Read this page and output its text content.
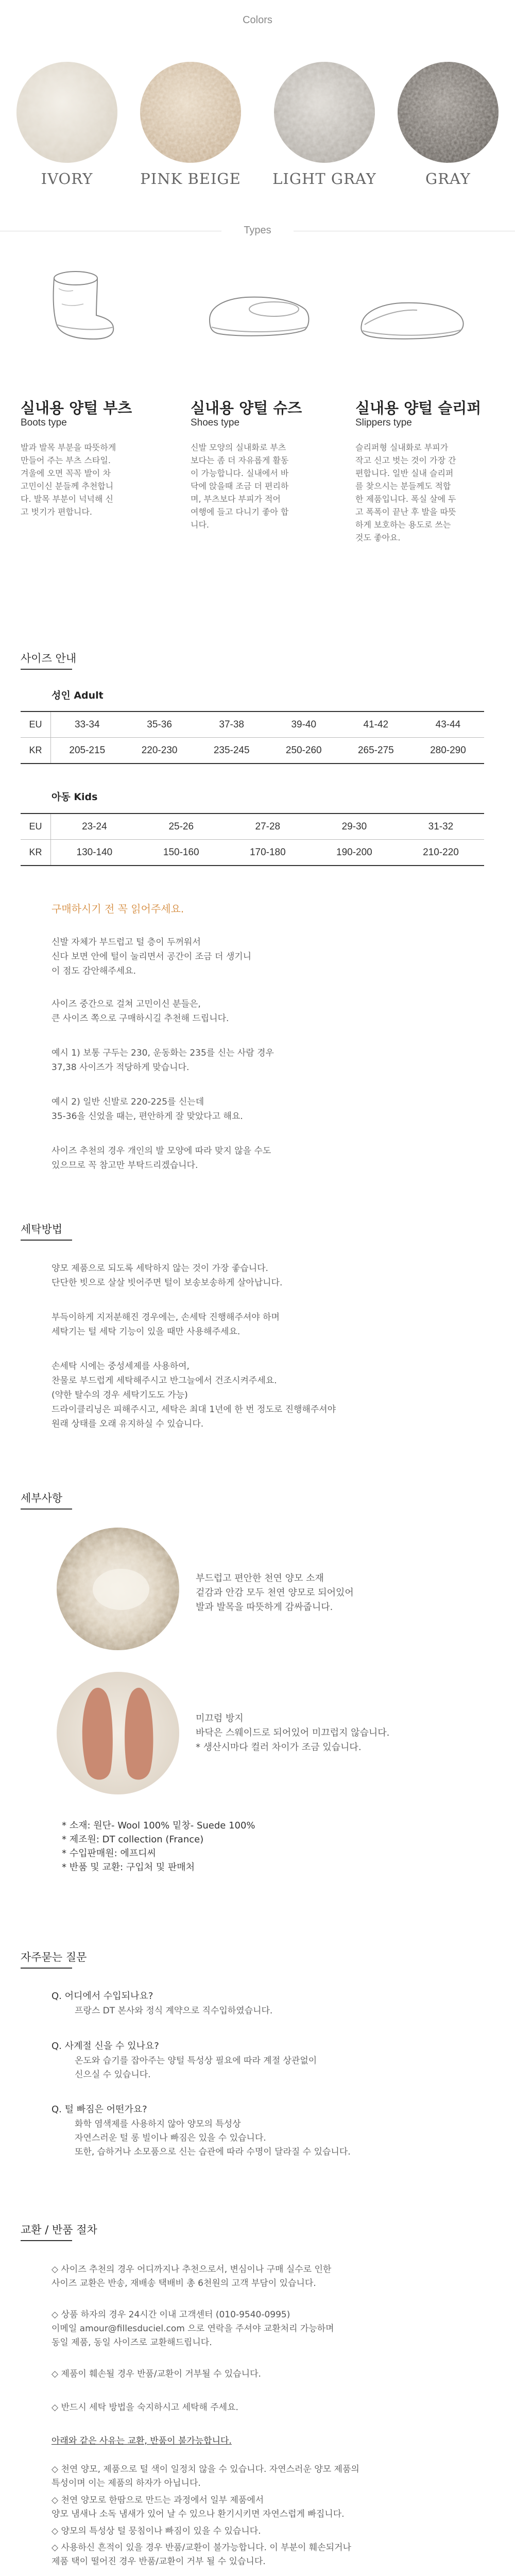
Colors
IVORY	PINK BEIGE	LIGHT GRAY	GRAY
Types
실내용 양털 부츠
Boots type
발과 발목 부분을 따뜻하게
만들어 주는 부츠 스타일.
겨울에 오면 꼭꼭 발이 차
고민이신 분들께 추천합니
다. 발목 부분이 넉넉해 신
고 벗기가 편합니다.
실내용 양털 슈즈
Shoes type
신발 모양의 실내화로 부츠
보다는 좀 더 자유롭게 활동
이 가능합니다. 실내에서 바
닥에 앉을때 조금 더 편리하
며, 부츠보다 부피가 적어
여행에 들고 다니기 좋아 합
니다.
실내용 양털 슬리퍼
Slippers type
슬리퍼형 실내화로 부피가
작고 신고 벗는 것이 가장 간
편합니다. 일반 실내 슬리퍼
를 찾으시는 분들께도 적합
한 제품입니다. 폭실 살에 두
고 폭폭이 끝난 후 발을 따뜻
하게 보호하는 용도로 쓰는
것도 좋아요.
사이즈 안내
성인 Adult
EU	33-34	35-36	37-38	39-40	41-42	43-44
KR	205-215	220-230	235-245	250-260	265-275	280-290
아동 Kids
EU	23-24	25-26	27-28	29-30	31-32
KR	130-140	150-160	170-180	190-200	210-220
구매하시기 전 꼭 읽어주세요.

신발 자체가 부드럽고 털 층이 두꺼워서

신다 보면 안에 털이 눌리면서 공간이 조금 더 생기니

이 점도 감안해주세요.

사이즈 중간으로 걸쳐 고민이신 분들은,

큰 사이즈 쪽으로 구매하시길 추천해 드립니다.

예시 1) 보통 구두는 230, 운동화는 235를 신는 사람 경우

37,38 사이즈가 적당하게 맞습니다.

예시 2) 일반 신발로 220-225를 신는데

35-36을 신었을 때는, 편안하게 잘 맞았다고 해요.

사이즈 추천의 경우 개인의 발 모양에 따라 맞지 않을 수도

있으므로 꼭 참고만 부탁드리겠습니다.

세탁방법

양모 제품으로 되도록 세탁하지 않는 것이 가장 좋습니다.

단단한 빗으로 살살 빗어주면 털이 보송보송하게 살아납니다.

부득이하게 지저분해진 경우에는, 손세탁 진행해주셔야 하며

세탁기는 털 세탁 기능이 있을 때만 사용해주세요.

손세탁 시에는 중성세제를 사용하여,

찬물로 부드럽게 세탁해주시고 반그늘에서 건조시켜주세요.

(약한 탈수의 경우 세탁기도도 가능)

드라이클리닝은 피해주시고, 세탁은 최대 1년에 한 번 정도로 진행해주셔야

원래 상태를 오래 유지하실 수 있습니다.

세부사항
부드럽고 편안한 천연 양모 소재
겉감과 안감 모두 천연 양모로 되어있어
발과 발목을 따뜻하게 감싸줍니다.
미끄럼 방지
바닥은 스웨이드로 되어있어 미끄럽지 않습니다.
* 생산시마다 컬러 차이가 조금 있습니다.
* 소재: 원단- Wool 100% 밑창- Suede 100%
* 제조원: DT collection (France)
* 수입판매원: 에프디씨
* 반품 및 교환: 구입처 및 판매처
자주묻는 질문
Q. 어디에서 수입되나요?
프랑스 DT 본사와 정식 계약으로 직수입하였습니다.
Q. 사계절 신을 수 있나요?
온도와 습기를 잡아주는 양털 특성상 필요에 따라 계절 상관없이
신으실 수 있습니다.
Q. 털 빠짐은 어떤가요?
화학 염색제를 사용하지 않아 양모의 특성상
자연스러운 털 롱 빌이나 빠짐은 있을 수 있습니다.
또한, 습하거나 소모품으로 신는 습관에 따라 수명이 달라질 수 있습니다.
교환 / 반품 절차
◇ 사이즈 추천의 경우 어디까지나 추천으로서, 변심이나 구매 실수로 인한
사이즈 교환은 반송, 재배송 택배비 총 6천원의 고객 부담이 있습니다.
◇ 상품 하자의 경우 24시간 이내 고객센터 (010-9540-0995)
이메일 amour@fillesduciel.com 으로 연락을 주셔야 교환처리 가능하며
동일 제품, 동일 사이즈로 교환해드립니다.
◇ 제품이 훼손될 경우 반품/교환이 거부될 수 있습니다.
◇ 반드시 세탁 방법을 숙지하시고 세탁해 주세요.
아래와 같은 사유는 교환, 반품이 불가능합니다.
◇ 천연 양모, 제품으로 털 색이 일정치 않을 수 있습니다. 자연스러운 양모 제품의
특성이며 이는 제품의 하자가 아닙니다.
◇ 천연 양모로 한땀으로 만드는 과정에서 일부 제품에서
양모 냄새나 소독 냄새가 있어 날 수 있으나 환기시키면 자연스럽게 빠집니다.
◇ 양모의 특성상 털 뭉침이나 빠짐이 있을 수 있습니다.
◇ 사용하신 흔적이 있을 경우 반품/교환이 불가능합니다. 이 부분이 훼손되거나
제품 택이 떨어진 경우 반품/교환이 거부 될 수 있습니다.
